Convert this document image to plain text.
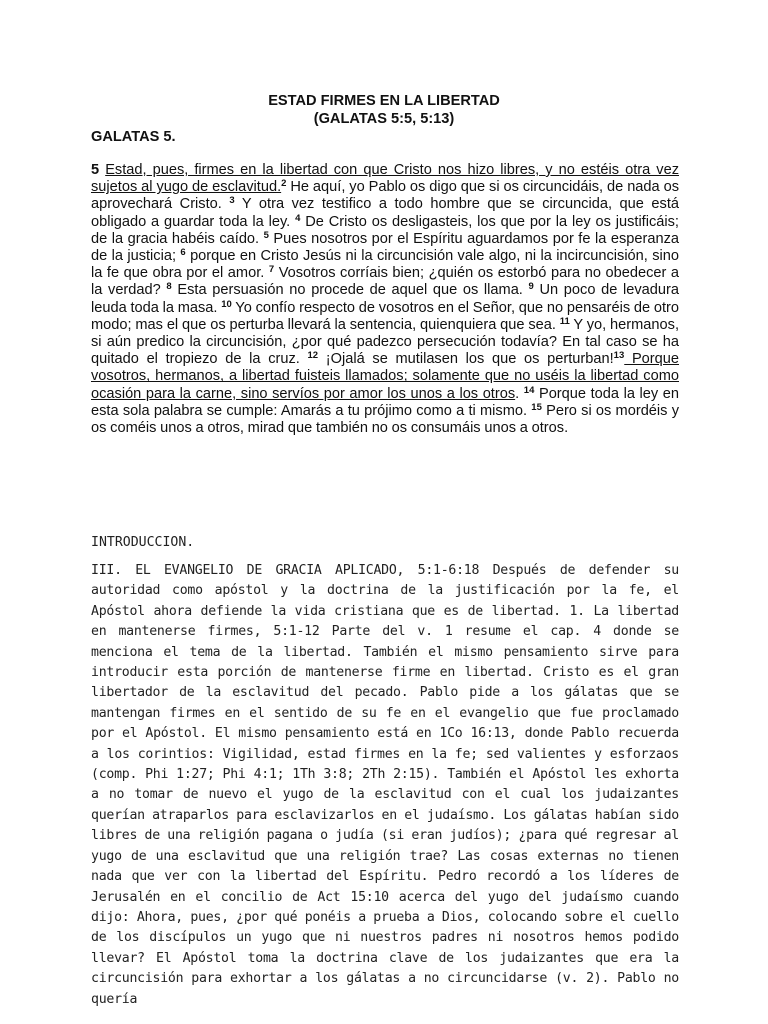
ESTAD FIRMES EN LA LIBERTAD
(GALATAS 5:5, 5:13)
GALATAS 5.
5 Estad, pues, firmes en la libertad con que Cristo nos hizo libres, y no estéis otra vez sujetos al yugo de esclavitud.$^2$ He aquí, yo Pablo os digo que si os circuncidáis, de nada os aprovechará Cristo. $^3$ Y otra vez testifico a todo hombre que se circuncida, que está obligado a guardar toda la ley. $^4$ De Cristo os desligasteis, los que por la ley os justificáis; de la gracia habéis caído. $^5$ Pues nosotros por el Espíritu aguardamos por fe la esperanza de la justicia; $^6$ porque en Cristo Jesús ni la circuncisión vale algo, ni la incircuncisión, sino la fe que obra por el amor. $^7$ Vosotros corríais bien; ¿quién os estorbó para no obedecer a la verdad? $^8$ Esta persuasión no procede de aquel que os llama. $^9$ Un poco de levadura leuda toda la masa. $^{10}$ Yo confío respecto de vosotros en el Señor, que no pensaréis de otro modo; mas el que os perturba llevará la sentencia, quienquiera que sea. $^{11}$ Y yo, hermanos, si aún predico la circuncisión, ¿por qué padezco persecución todavía? En tal caso se ha quitado el tropiezo de la cruz. $^{12}$ ¡Ojalá se mutilasen los que os perturban!$^{13}$ Porque vosotros, hermanos, a libertad fuisteis llamados; solamente que no uséis la libertad como ocasión para la carne, sino servíos por amor los unos a los otros. $^{14}$ Porque toda la ley en esta sola palabra se cumple: Amarás a tu prójimo como a ti mismo. $^{15}$ Pero si os mordéis y os coméis unos a otros, mirad que también no os consumáis unos a otros.
INTRODUCCION.
III. EL EVANGELIO DE GRACIA APLICADO, 5:1-6:18 Después de defender su autoridad como apóstol y la doctrina de la justificación por la fe, el Apóstol ahora defiende la vida cristiana que es de libertad. 1. La libertad en mantenerse firmes, 5:1-12 Parte del v. 1 resume el cap. 4 donde se menciona el tema de la libertad. También el mismo pensamiento sirve para introducir esta porción de mantenerse firme en libertad. Cristo es el gran libertador de la esclavitud del pecado. Pablo pide a los gálatas que se mantengan firmes en el sentido de su fe en el evangelio que fue proclamado por el Apóstol. El mismo pensamiento está en 1Co 16:13, donde Pablo recuerda a los corintios: Vigilidad, estad firmes en la fe; sed valientes y esforzaos (comp. Phi 1:27; Phi 4:1; 1Th 3:8; 2Th 2:15). También el Apóstol les exhorta a no tomar de nuevo el yugo de la esclavitud con el cual los judaizantes querían atraparlos para esclavizarlos en el judaísmo. Los gálatas habían sido libres de una religión pagana o judía (si eran judíos); ¿para qué regresar al yugo de una esclavitud que una religión trae? Las cosas externas no tienen nada que ver con la libertad del Espíritu. Pedro recordó a los líderes de Jerusalén en el concilio de Act 15:10 acerca del yugo del judaísmo cuando dijo: Ahora, pues, ¿por qué ponéis a prueba a Dios, colocando sobre el cuello de los discípulos un yugo que ni nuestros padres ni nosotros hemos podido llevar? El Apóstol toma la doctrina clave de los judaizantes que era la circuncisión para exhortar a los gálatas a no circuncidarse (v. 2). Pablo no quería
